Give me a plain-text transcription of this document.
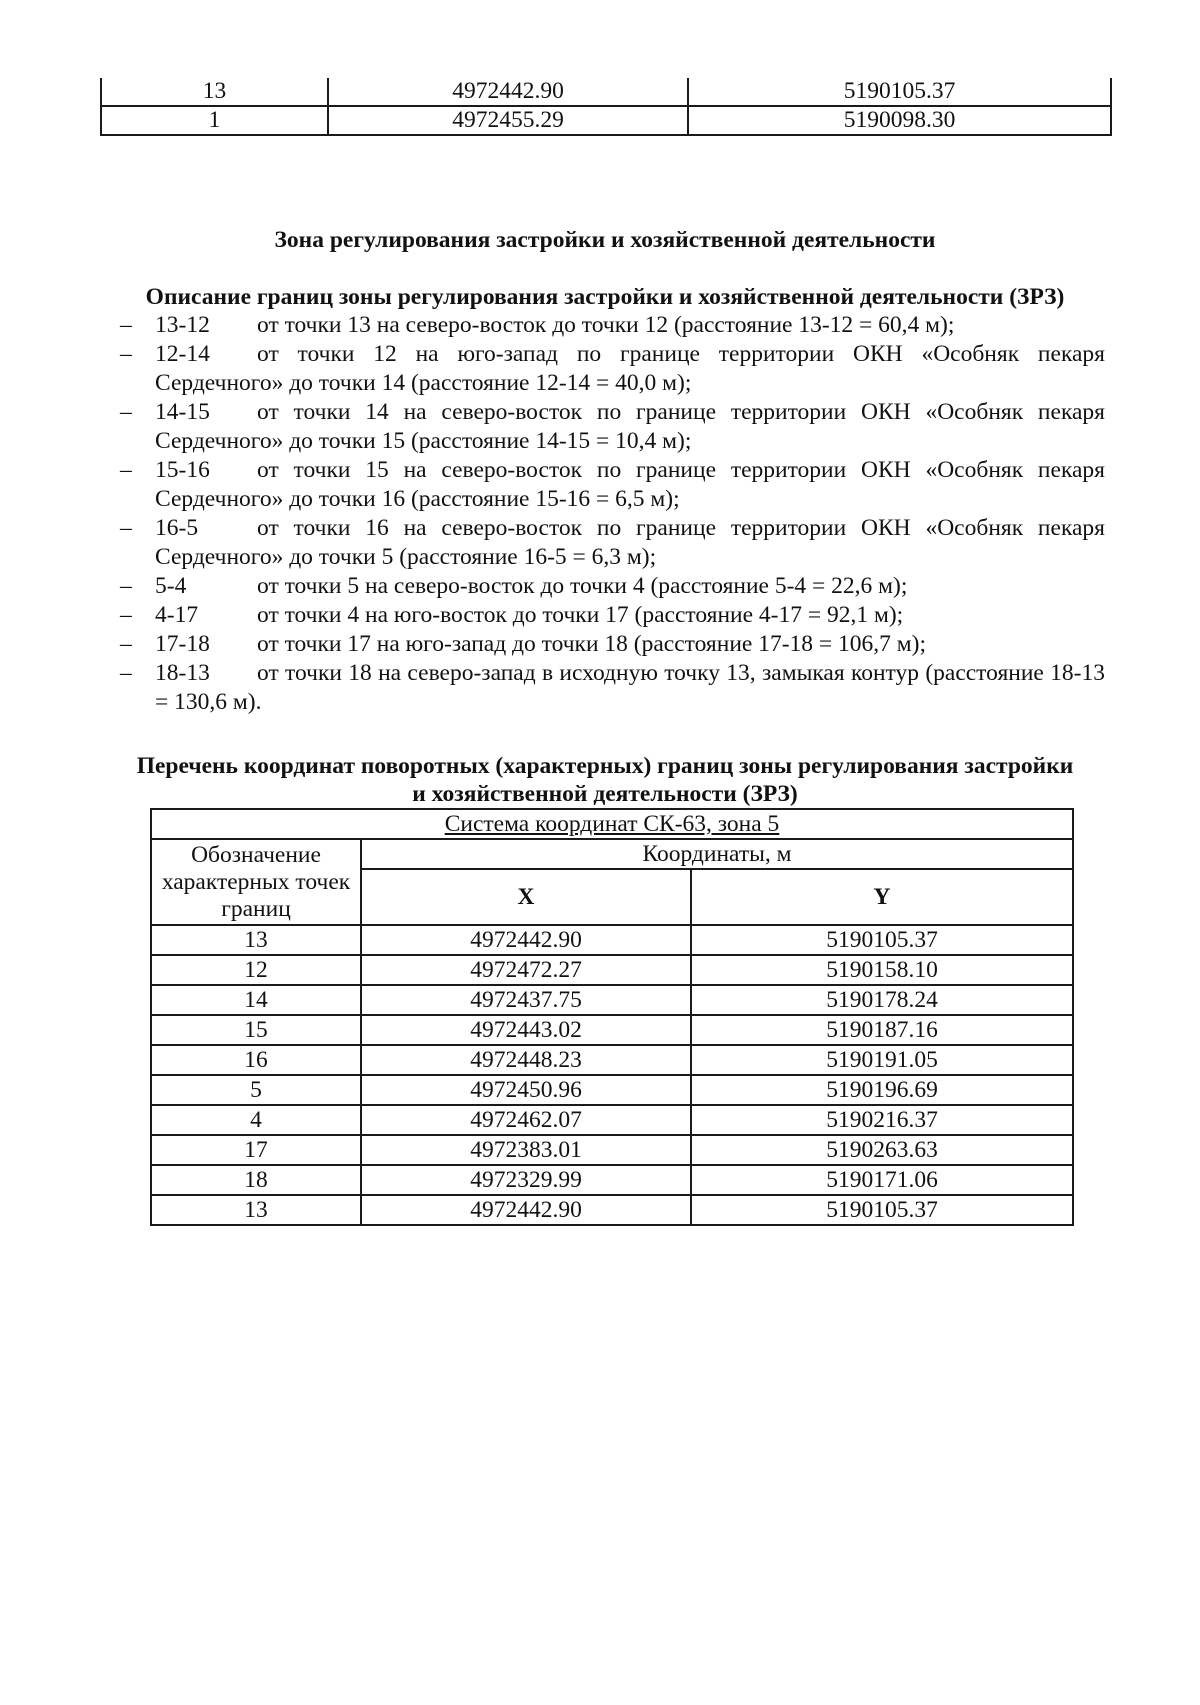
13	4972442.90	5190105.37
1	4972455.29	5190098.30
Зона регулирования застройки и хозяйственной деятельности
Описание границ зоны регулирования застройки и хозяйственной деятельности (ЗРЗ)
– 13-12 от точки 13 на северо-восток до точки 12 (расстояние 13-12 = 60,4 м);
– 12-14 от точки 12 на юго-запад по границе территории ОКН «Особняк пекаря Сердечного» до точки 14 (расстояние 12-14 = 40,0 м);
– 14-15 от точки 14 на северо-восток по границе территории ОКН «Особняк пекаря Сердечного» до точки 15 (расстояние 14-15 = 10,4 м);
– 15-16 от точки 15 на северо-восток по границе территории ОКН «Особняк пекаря Сердечного» до точки 16 (расстояние 15-16 = 6,5 м);
– 16-5	от точки 16 на северо-восток по границе территории ОКН «Особняк пекаря Сердечного» до точки 5 (расстояние 16-5 = 6,3 м);
– 5-4	от точки 5 на северо-восток до точки 4 (расстояние 5-4 = 22,6 м);
– 4-17	от точки 4 на юго-восток до точки 17 (расстояние 4-17 = 92,1 м);
– 17-18 от точки 17 на юго-запад до точки 18 (расстояние 17-18 = 106,7 м);
– 18-13 от точки 18 на северо-запад в исходную точку 13, замыкая контур (расстояние 18-13 = 130,6 м).
Перечень координат поворотных (характерных) границ зоны регулирования застройки
и хозяйственной деятельности (ЗРЗ)
Система координат СК-63, зона 5		
Обозначение характерных точек границ	Координаты, м	
	X	Y
13	4972442.90	5190105.37
12	4972472.27	5190158.10
14	4972437.75	5190178.24
15	4972443.02	5190187.16
16	4972448.23	5190191.05
5	4972450.96	5190196.69
4	4972462.07	5190216.37
17	4972383.01	5190263.63
18	4972329.99	5190171.06
13	4972442.90	5190105.37
